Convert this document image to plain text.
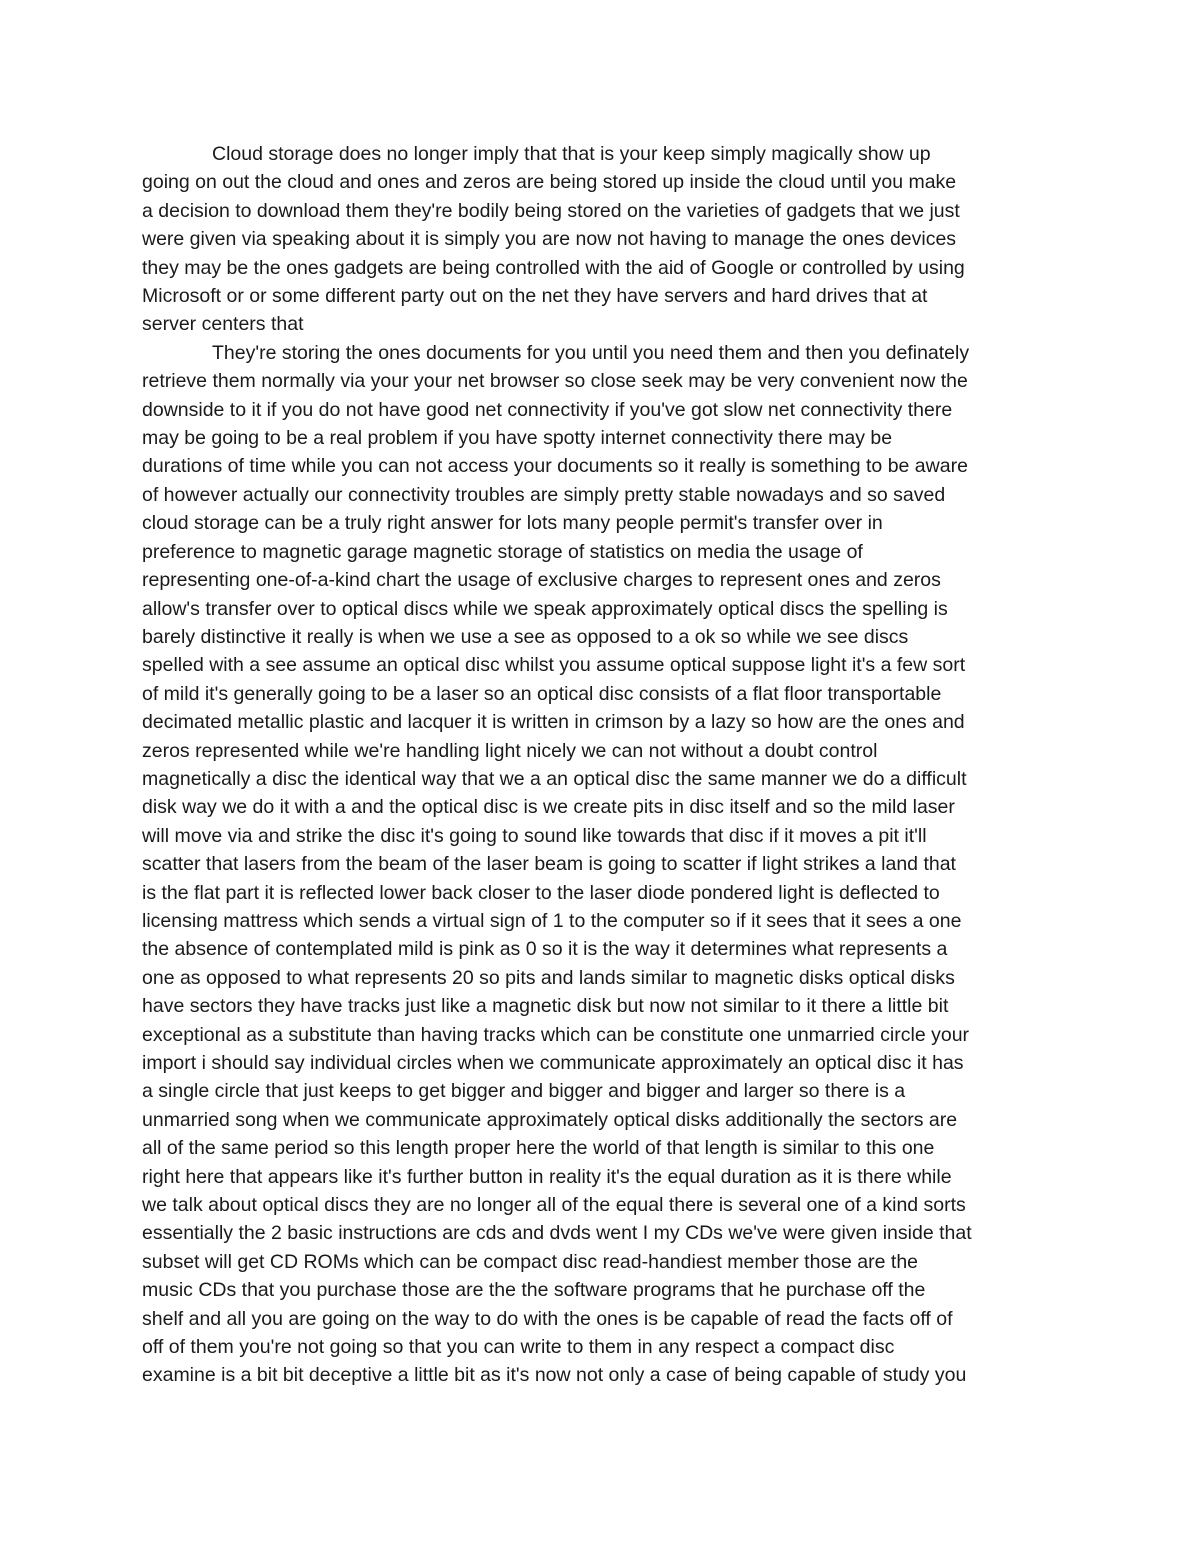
Cloud storage does no longer imply that that is your keep simply magically show up
going on out the cloud and ones and zeros are being stored up inside the cloud until you make
a decision to download them they're bodily being stored on the varieties of gadgets that we just
were given via speaking about it is simply you are now not having to manage the ones devices
they may be the ones gadgets are being controlled with the aid of Google or controlled by using
Microsoft or or some different party out on the net they have servers and hard drives that at
server centers that
They're storing the ones documents for you until you need them and then you definately
retrieve them normally via your your net browser so close seek may be very convenient now the
downside to it if you do not have good net connectivity if you've got slow net connectivity there
may be going to be a real problem if you have spotty internet connectivity there may be
durations of time while you can not access your documents so it really is something to be aware
of however actually our connectivity troubles are simply pretty stable nowadays and so saved
cloud storage can be a truly right answer for lots many people permit's transfer over in
preference to magnetic garage magnetic storage of statistics on media the usage of
representing one-of-a-kind chart the usage of exclusive charges to represent ones and zeros
allow's transfer over to optical discs while we speak approximately optical discs the spelling is
barely distinctive it really is when we use a see as opposed to a ok so while we see discs
spelled with a see assume an optical disc whilst you assume optical suppose light it's a few sort
of mild it's generally going to be a laser so an optical disc consists of a flat floor transportable
decimated metallic plastic and lacquer it is written in crimson by a lazy so how are the ones and
zeros represented while we're handling light nicely we can not without a doubt control
magnetically a disc the identical way that we a an optical disc the same manner we do a difficult
disk way we do it with a and the optical disc is we create pits in disc itself and so the mild laser
will move via and strike the disc it's going to sound like towards that disc if it moves a pit it'll
scatter that lasers from the beam of the laser beam is going to scatter if light strikes a land that
is the flat part it is reflected lower back closer to the laser diode pondered light is deflected to
licensing mattress which sends a virtual sign of 1 to the computer so if it sees that it sees a one
the absence of contemplated mild is pink as 0 so it is the way it determines what represents a
one as opposed to what represents 20 so pits and lands similar to magnetic disks optical disks
have sectors they have tracks just like a magnetic disk but now not similar to it there a little bit
exceptional as a substitute than having tracks which can be constitute one unmarried circle your
import i should say individual circles when we communicate approximately an optical disc it has
a single circle that just keeps to get bigger and bigger and bigger and larger so there is a
unmarried song when we communicate approximately optical disks additionally the sectors are
all of the same period so this length proper here the world of that length is similar to this one
right here that appears like it's further button in reality it's the equal duration as it is there while
we talk about optical discs they are no longer all of the equal there is several one of a kind sorts
essentially the 2 basic instructions are cds and dvds went I my CDs we've were given inside that
subset will get CD ROMs which can be compact disc read-handiest member those are the
music CDs that you purchase those are the the software programs that he purchase off the
shelf and all you are going on the way to do with the ones is be capable of read the facts off of
off of them you're not going so that you can write to them in any respect a compact disc
examine is a bit bit deceptive a little bit as it's now not only a case of being capable of study you
